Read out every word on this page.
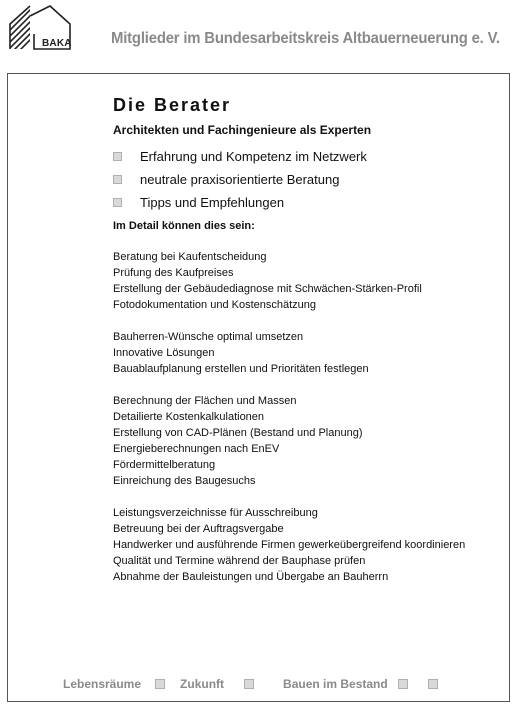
BAKA Mitglieder im Bundesarbeitskreis Altbauerneuerung e. V.
Die Berater
Architekten und Fachingenieure als Experten
Erfahrung und Kompetenz im Netzwerk
neutrale praxisorientierte Beratung
Tipps und Empfehlungen
Im Detail können dies sein:
Beratung bei Kaufentscheidung
Prüfung des Kaufpreises
Erstellung der Gebäudediagnose mit Schwächen-Stärken-Profil
Fotodokumentation und Kostenschätzung
Bauherren-Wünsche optimal umsetzen
Innovative Lösungen
Bauablaufplanung erstellen und Prioritäten festlegen
Berechnung der Flächen und Massen
Detailierte Kostenkalkulationen
Erstellung von CAD-Plänen (Bestand und Planung)
Energieberechnungen nach EnEV
Fördermittelberatung
Einreichung des Baugesuchs
Leistungsverzeichnisse für Ausschreibung
Betreuung bei der Auftragsvergabe
Handwerker und ausführende Firmen gewerkeübergreifend koordinieren
Qualität und Termine während der Bauphase prüfen
Abnahme der Bauleistungen und Übergabe an Bauherrn
Lebensräume	Zukunft	Bauen im Bestand
